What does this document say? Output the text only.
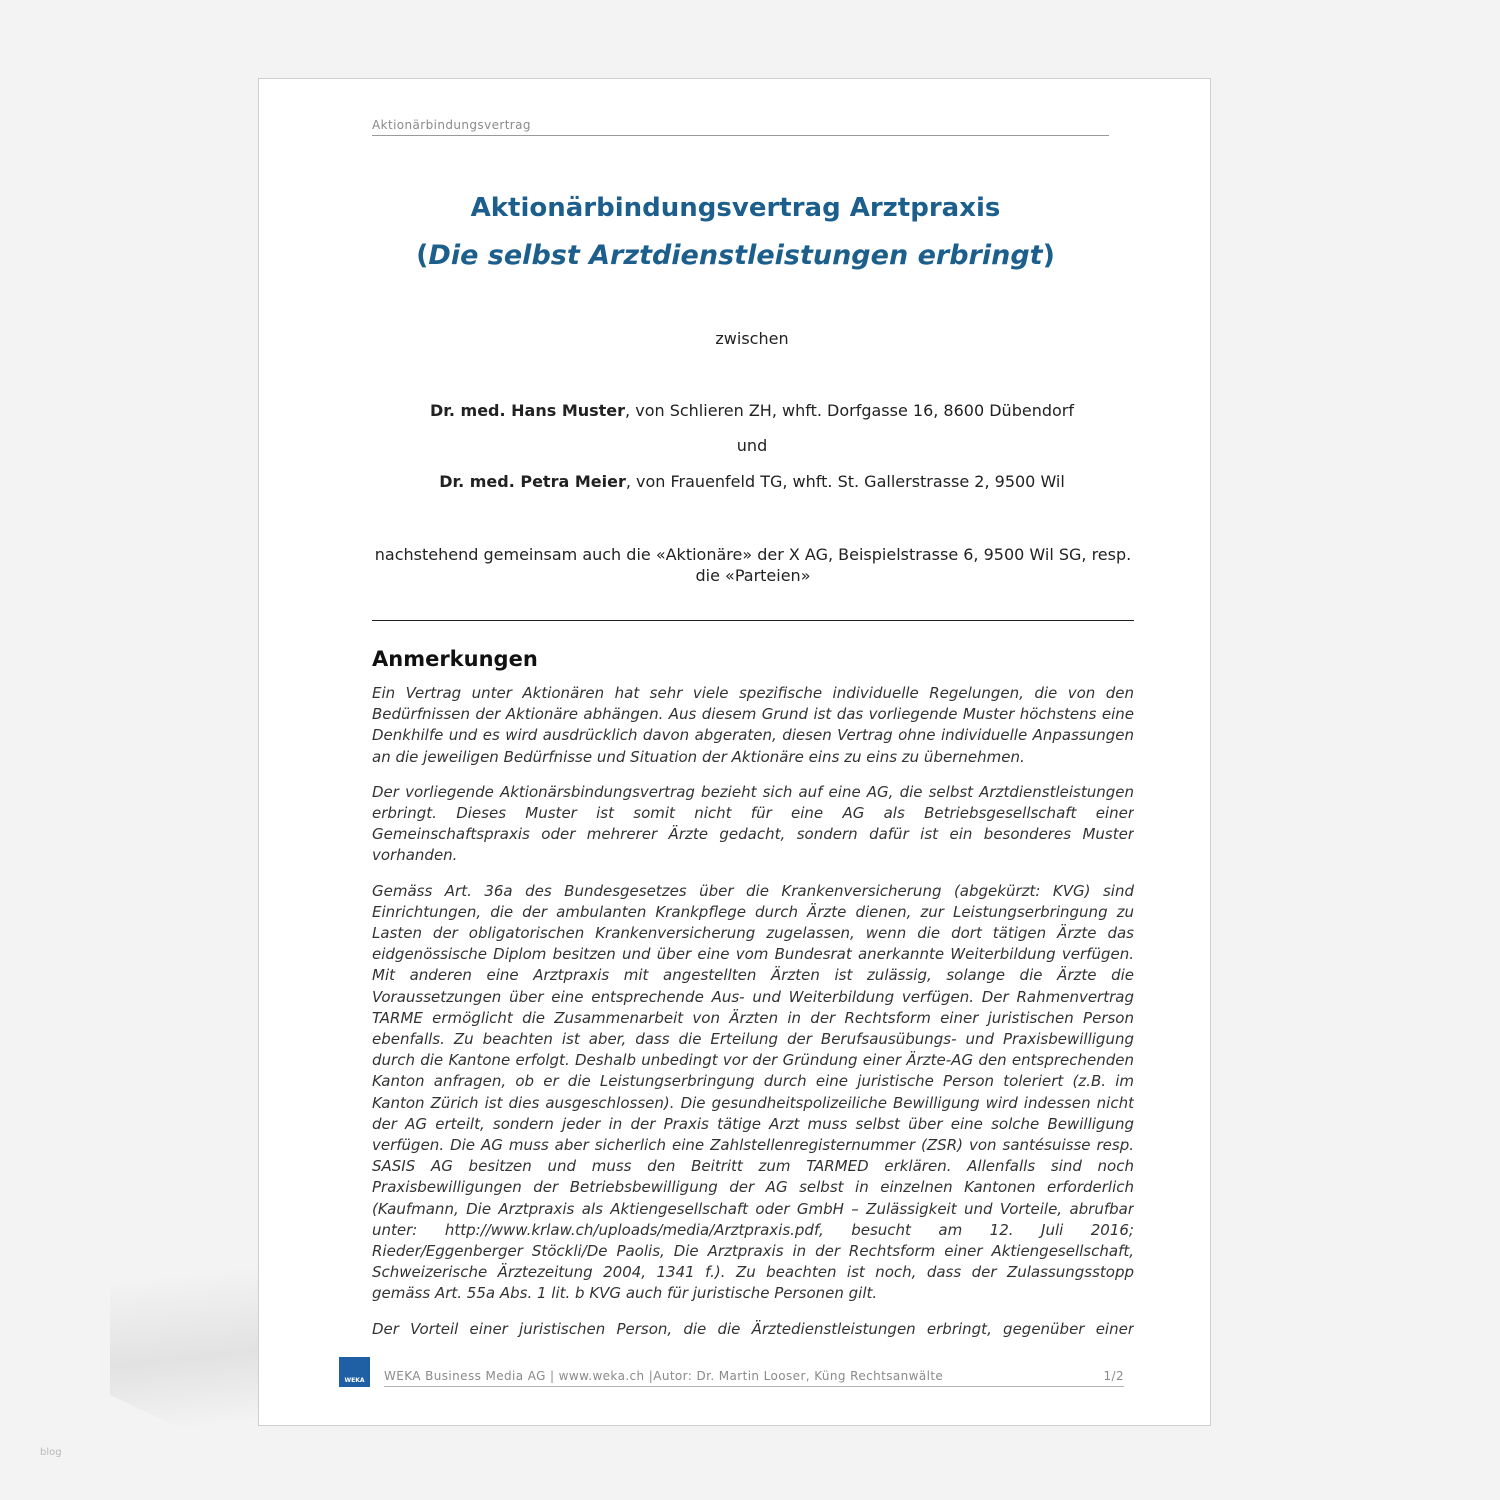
Aktionärbindungsvertrag
Aktionärbindungsvertrag Arztpraxis
(Die selbst Arztdienstleistungen erbringt)
zwischen
Dr. med. Hans Muster, von Schlieren ZH, whft. Dorfgasse 16, 8600 Dübendorf
und
Dr. med. Petra Meier, von Frauenfeld TG, whft. St. Gallerstrasse 2, 9500 Wil
nachstehend gemeinsam auch die «Aktionäre» der X AG, Beispielstrasse 6, 9500 Wil SG, resp. die «Parteien»
Anmerkungen

Ein Vertrag unter Aktionären hat sehr viele spezifische individuelle Regelungen, die von den Bedürfnissen der Aktionäre abhängen. Aus diesem Grund ist das vorliegende Muster höchstens eine Denkhilfe und es wird ausdrücklich davon abgeraten, diesen Vertrag ohne individuelle Anpassungen an die jeweiligen Bedürfnisse und Situation der Aktionäre eins zu eins zu übernehmen.

Der vorliegende Aktionärsbindungsvertrag bezieht sich auf eine AG, die selbst Arztdienstleistungen erbringt. Dieses Muster ist somit nicht für eine AG als Betriebsgesellschaft einer Gemeinschaftspraxis oder mehrerer Ärzte gedacht, sondern dafür ist ein besonderes Muster vorhanden.

Gemäss Art. 36a des Bundesgesetzes über die Krankenversicherung (abgekürzt: KVG) sind Einrichtungen, die der ambulanten Krankpflege durch Ärzte dienen, zur Leistungserbringung zu Lasten der obligatorischen Krankenversicherung zugelassen, wenn die dort tätigen Ärzte das eidgenössische Diplom besitzen und über eine vom Bundesrat anerkannte Weiterbildung verfügen. Mit anderen eine Arztpraxis mit angestellten Ärzten ist zulässig, solange die Ärzte die Voraussetzungen über eine entsprechende Aus- und Weiterbildung verfügen. Der Rahmenvertrag TARME ermöglicht die Zusammenarbeit von Ärzten in der Rechtsform einer juristischen Person ebenfalls. Zu beachten ist aber, dass die Erteilung der Berufsausübungs- und Praxisbewilligung durch die Kantone erfolgt. Deshalb unbedingt vor der Gründung einer Ärzte-AG den entsprechenden Kanton anfragen, ob er die Leistungserbringung durch eine juristische Person toleriert (z.B. im Kanton Zürich ist dies ausgeschlossen). Die gesundheitspolizeiliche Bewilligung wird indessen nicht der AG erteilt, sondern jeder in der Praxis tätige Arzt muss selbst über eine solche Bewilligung verfügen. Die AG muss aber sicherlich eine Zahlstellenregisternummer (ZSR) von santésuisse resp. SASIS AG besitzen und muss den Beitritt zum TARMED erklären. Allenfalls sind noch Praxisbewilligungen der Betriebsbewilligung der AG selbst in einzelnen Kantonen erforderlich (Kaufmann, Die Arztpraxis als Aktiengesellschaft oder GmbH – Zulässigkeit und Vorteile, abrufbar unter: http://www.krlaw.ch/uploads/media/Arztpraxis.pdf, besucht am 12. Juli 2016; Rieder/Eggenberger Stöckli/De Paolis, Die Arztpraxis in der Rechtsform einer Aktiengesellschaft, Schweizerische Ärztezeitung 2004, 1341 f.). Zu beachten ist noch, dass der Zulassungsstopp gemäss Art. 55a Abs. 1 lit. b KVG auch für juristische Personen gilt.

Der Vorteil einer juristischen Person, die die Ärztedienstleistungen erbringt, gegenüber einer

WEKA	WEKA Business Media AG | www.weka.ch |Autor: Dr. Martin Looser, Küng Rechtsanwälte	1/2
blog
